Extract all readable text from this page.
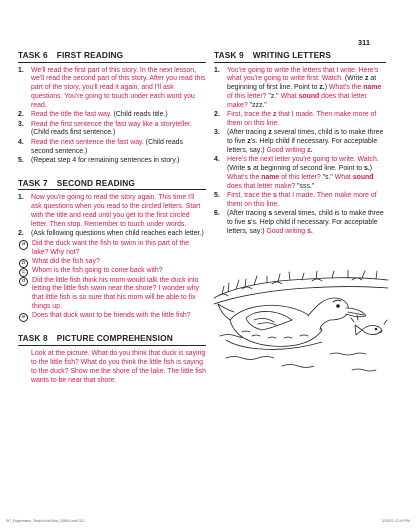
311
TASK 6 FIRST READING
1. We'll read the first part of this story. In the next lesson, we'll read the second part of this story. After you read this part of the story, you'll read it again, and I'll ask questions. You're going to touch under each word you read.
2. Read the title the fast way. (Child reads title.)
3. Read the first sentence the fast way like a storyteller. (Child reads first sentence.)
4. Read the next sentence the fast way. (Child reads second sentence.)
5. (Repeat step 4 for remaining sentences in story.)
TASK 7 SECOND READING
1. Now you're going to read the story again. This time I'll ask questions when you read to the circled letters. Start with the title and read until you get to the first circled letter. Then stop. Remember to touch under words.
2. (Ask following questions when child reaches each letter.)
a Did the duck want the fish to swim in this part of the lake? Why not?
b What did the fish say?
c	Whom is the fish going to come back with?
d Did the little fish think his mom would talk the duck into letting the little fish swim near the shore? I wonder why that little fish is so sure that his mom will be able to fix things up.
e Does that duck want to be friends with the little fish?
TASK 8 PICTURE COMPREHENSION

Look at the picture. What do you think that duck is saying to the little fish? What do you think the little fish is saying to the duck? Show me the shore of the lake. The little fish wants to be near that shore.

TASK 9 WRITING LETTERS
1. You're going to write the letters that I write. Here's what you're going to write first. Watch. (Write z at beginning of first line. Point to z.) What's the name of this letter? "z." What sound does that letter make? "zzz."
2. First, trace the z that I made. Then make more of them on this line.
3. (After tracing z several times, child is to make three to five z's. Help child if necessary. For acceptable letters, say:) Good writing z.
4. Here's the next letter you're going to write. Watch. (Write s at beginning of second line. Point to s.) What's the name of this letter? "s." What sound does that letter make? "sss."
5. First, trace the s that I made. Then make more of them on this line.
6. (After tracing s several times, child is to make three to five s's. Help child if necessary. For acceptable letters, say:) Good writing s.
SP_Engelmann_TeachYourChild_20654.indd 311	3/15/22 12:49 PM
